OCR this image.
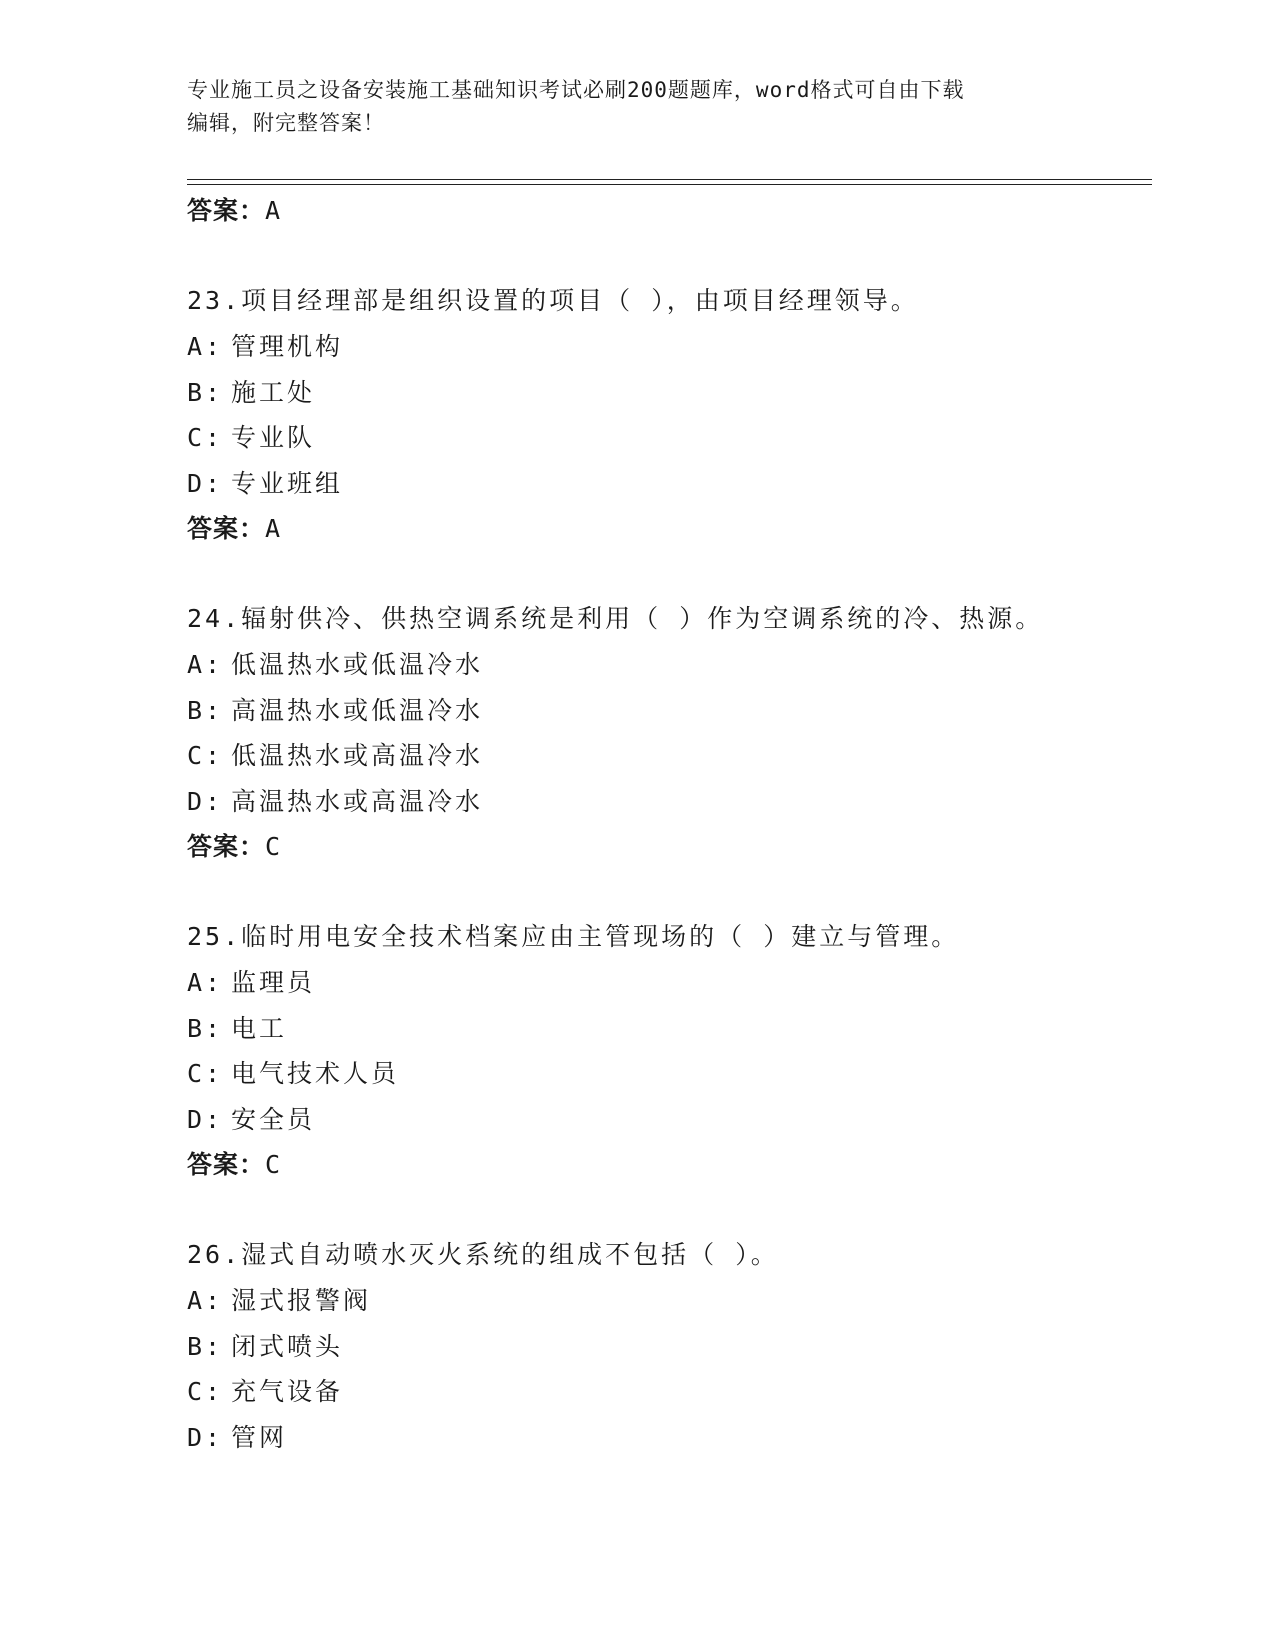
专业施工员之设备安装施工基础知识考试必刷200题题库，word格式可自由下载
编辑，附完整答案！
答案：A
23.项目经理部是组织设置的项目（ ），由项目经理领导。
A: 管理机构
B: 施工处
C: 专业队
D: 专业班组
答案：A
24.辐射供冷、供热空调系统是利用（ ）作为空调系统的冷、热源。
A: 低温热水或低温冷水
B: 高温热水或低温冷水
C: 低温热水或高温冷水
D: 高温热水或高温冷水
答案：C
25.临时用电安全技术档案应由主管现场的（ ）建立与管理。
A: 监理员
B: 电工
C: 电气技术人员
D: 安全员
答案：C
26.湿式自动喷水灭火系统的组成不包括（ ）。
A: 湿式报警阀
B: 闭式喷头
C: 充气设备
D: 管网
